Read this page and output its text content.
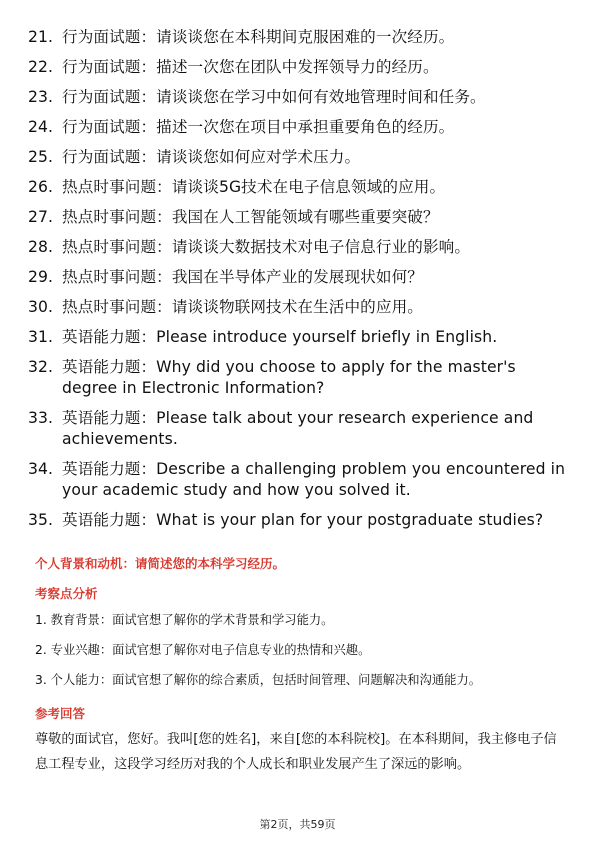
21. 行为面试题：请谈谈您在本科期间克服困难的一次经历。
22. 行为面试题：描述一次您在团队中发挥领导力的经历。
23. 行为面试题：请谈谈您在学习中如何有效地管理时间和任务。
24. 行为面试题：描述一次您在项目中承担重要角色的经历。
25. 行为面试题：请谈谈您如何应对学术压力。
26. 热点时事问题：请谈谈5G技术在电子信息领域的应用。
27. 热点时事问题：我国在人工智能领域有哪些重要突破？
28. 热点时事问题：请谈谈大数据技术对电子信息行业的影响。
29. 热点时事问题：我国在半导体产业的发展现状如何？
30. 热点时事问题：请谈谈物联网技术在生活中的应用。
31. 英语能力题：Please introduce yourself briefly in English.
32. 英语能力题：Why did you choose to apply for the master's degree in Electronic Information?
33. 英语能力题：Please talk about your research experience and achievements.
34. 英语能力题：Describe a challenging problem you encountered in your academic study and how you solved it.
35. 英语能力题：What is your plan for your postgraduate studies?
个人背景和动机：请简述您的本科学习经历。
考察点分析
1. 教育背景：面试官想了解你的学术背景和学习能力。
2. 专业兴趣：面试官想了解你对电子信息专业的热情和兴趣。
3. 个人能力：面试官想了解你的综合素质，包括时间管理、问题解决和沟通能力。
参考回答
尊敬的面试官，您好。我叫[您的姓名]，来自[您的本科院校]。在本科期间，我主修电子信息工程专业，这段学习经历对我的个人成长和职业发展产生了深远的影响。
第2页，共59页
